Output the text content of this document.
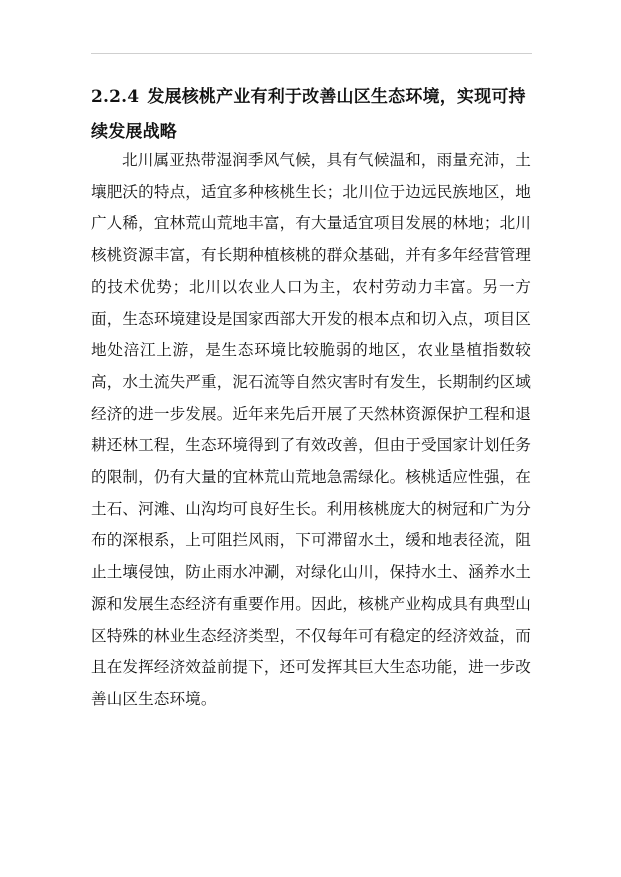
2.2.4 发展核桃产业有利于改善山区生态环境，实现可持续发展战略

北川属亚热带湿润季风气候，具有气候温和，雨量充沛，土壤肥沃的特点，适宜多种核桃生长；北川位于边远民族地区，地广人稀，宜林荒山荒地丰富，有大量适宜项目发展的林地；北川核桃资源丰富，有长期种植核桃的群众基础，并有多年经营管理的技术优势；北川以农业人口为主，农村劳动力丰富。另一方面，生态环境建设是国家西部大开发的根本点和切入点，项目区地处涪江上游，是生态环境比较脆弱的地区，农业垦植指数较高，水土流失严重，泥石流等自然灾害时有发生，长期制约区域经济的进一步发展。近年来先后开展了天然林资源保护工程和退耕还林工程，生态环境得到了有效改善，但由于受国家计划任务的限制，仍有大量的宜林荒山荒地急需绿化。核桃适应性强，在土石、河滩、山沟均可良好生长。利用核桃庞大的树冠和广为分布的深根系，上可阻拦风雨，下可滞留水土，缓和地表径流，阻止土壤侵蚀，防止雨水冲涮，对绿化山川，保持水土、涵养水土源和发展生态经济有重要作用。因此，核桃产业构成具有典型山区特殊的林业生态经济类型，不仅每年可有稳定的经济效益，而且在发挥经济效益前提下，还可发挥其巨大生态功能，进一步改善山区生态环境。
